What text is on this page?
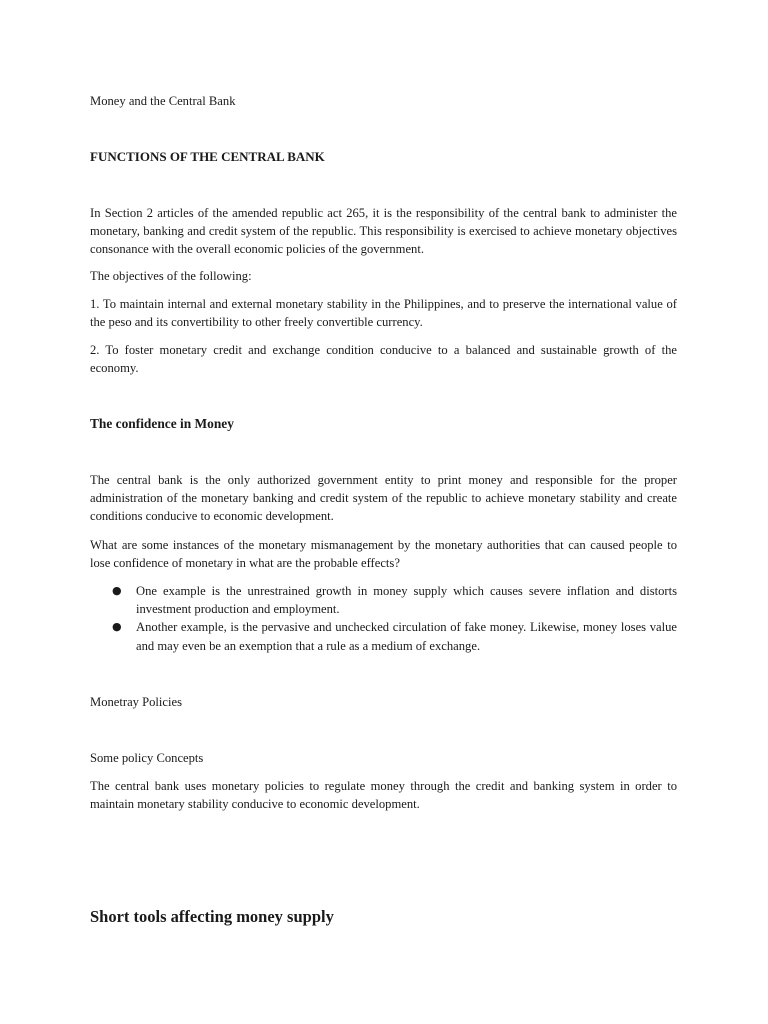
Money and the Central Bank
FUNCTIONS OF THE CENTRAL BANK
In Section 2 articles of the amended republic act 265, it is the responsibility of the central bank to administer the monetary, banking and credit system of the republic. This responsibility is exercised to achieve monetary objectives consonance with the overall economic policies of the government.
The objectives of the following:
1. To maintain internal and external monetary stability in the Philippines, and to preserve the international value of the peso and its convertibility to other freely convertible currency.
2. To foster monetary credit and exchange condition conducive to a balanced and sustainable growth of the economy.
The confidence in Money
The central bank is the only authorized government entity to print money and responsible for the proper administration of the monetary banking and credit system of the republic to achieve monetary stability and create conditions conducive to economic development.
What are some instances of the monetary mismanagement by the monetary authorities that can caused people to lose confidence of monetary in what are the probable effects?
● One example is the unrestrained growth in money supply which causes severe inflation and distorts investment production and employment.
● Another example, is the pervasive and unchecked circulation of fake money. Likewise, money loses value and may even be an exemption that a rule as a medium of exchange.
Monetray Policies
Some policy Concepts
The central bank uses monetary policies to regulate money through the credit and banking system in order to maintain monetary stability conducive to economic development.
Short tools affecting money supply
